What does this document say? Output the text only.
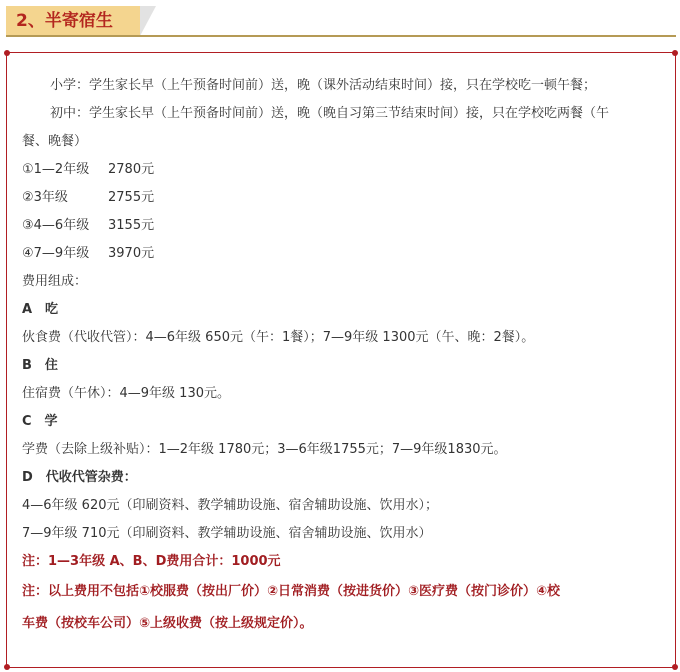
2、半寄宿生
小学：学生家长早（上午预备时间前）送，晚（课外活动结束时间）接，只在学校吃一顿午餐；
初中：学生家长早（上午预备时间前）送，晚（晚自习第三节结束时间）接，只在学校吃两餐（午
餐、晚餐）
①1—2年级 2780元
②3年级	2755元
③4—6年级 3155元
④7—9年级 3970元
费用组成：
A　吃
伙食费（代收代管）：4—6年级 650元（午：1餐）；7—9年级 1300元（午、晚：2餐）。
B　住
住宿费（午休）：4—9年级 130元。
C　学
学费（去除上级补贴）：1—2年级 1780元；3—6年级1755元；7—9年级1830元。
D　代收代管杂费：
4—6年级 620元（印刷资料、教学辅助设施、宿舍辅助设施、饮用水）；
7—9年级 710元（印刷资料、教学辅助设施、宿舍辅助设施、饮用水）
注：1—3年级 A、B、D费用合计：1000元
注：以上费用不包括①校服费（按出厂价）②日常消费（按进货价）③医疗费（按门诊价）④校
车费（按校车公司）⑤上级收费（按上级规定价）。
